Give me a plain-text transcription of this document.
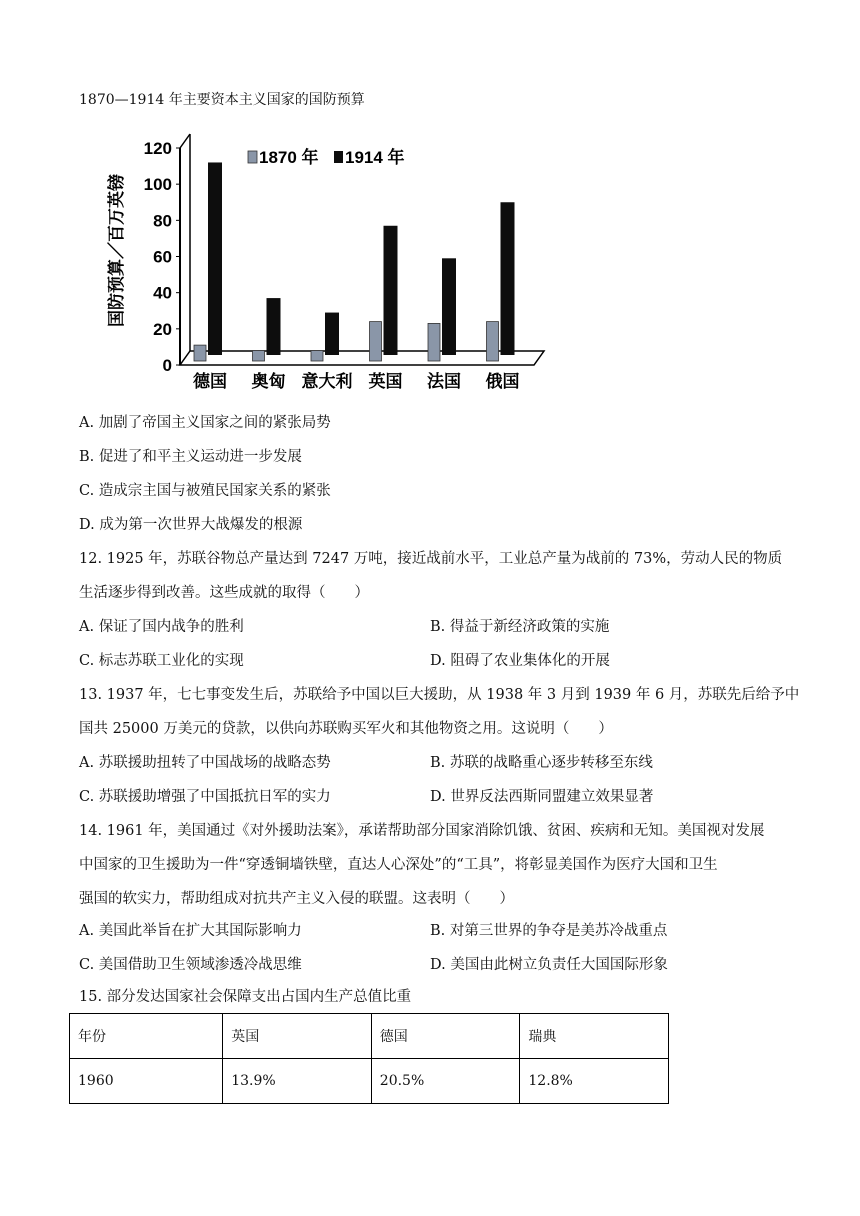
1870—1914 年主要资本主义国家的国防预算
0
20
40
60
80
100
120
国防预算／百万英镑
德国 奥匈 意大利 英国 法国 俄国
1870 年 1914 年
A. 加剧了帝国主义国家之间的紧张局势
B. 促进了和平主义运动进一步发展
C. 造成宗主国与被殖民国家关系的紧张
D. 成为第一次世界大战爆发的根源
12. 1925 年，苏联谷物总产量达到 7247 万吨，接近战前水平，工业总产量为战前的 73%，劳动人民的物质
生活逐步得到改善。这些成就的取得（　　）
A. 保证了国内战争的胜利	B. 得益于新经济政策的实施
C. 标志苏联工业化的实现	D. 阻碍了农业集体化的开展
13. 1937 年，七七事变发生后，苏联给予中国以巨大援助，从 1938 年 3 月到 1939 年 6 月，苏联先后给予中
国共 25000 万美元的贷款，以供向苏联购买军火和其他物资之用。这说明（　　）
A. 苏联援助扭转了中国战场的战略态势	B. 苏联的战略重心逐步转移至东线
C. 苏联援助增强了中国抵抗日军的实力	D. 世界反法西斯同盟建立效果显著
14. 1961 年，美国通过《对外援助法案》，承诺帮助部分国家消除饥饿、贫困、疾病和无知。美国视对发展
中国家的卫生援助为一件“穿透铜墙铁壁，直达人心深处”的“工具”，将彰显美国作为医疗大国和卫生
强国的软实力，帮助组成对抗共产主义入侵的联盟。这表明（　　）
A. 美国此举旨在扩大其国际影响力	B. 对第三世界的争夺是美苏冷战重点
C. 美国借助卫生领域渗透冷战思维	D. 美国由此树立负责任大国国际形象
15. 部分发达国家社会保障支出占国内生产总值比重
年份	英国	德国	瑞典
1960	13.9%	20.5%	12.8%
